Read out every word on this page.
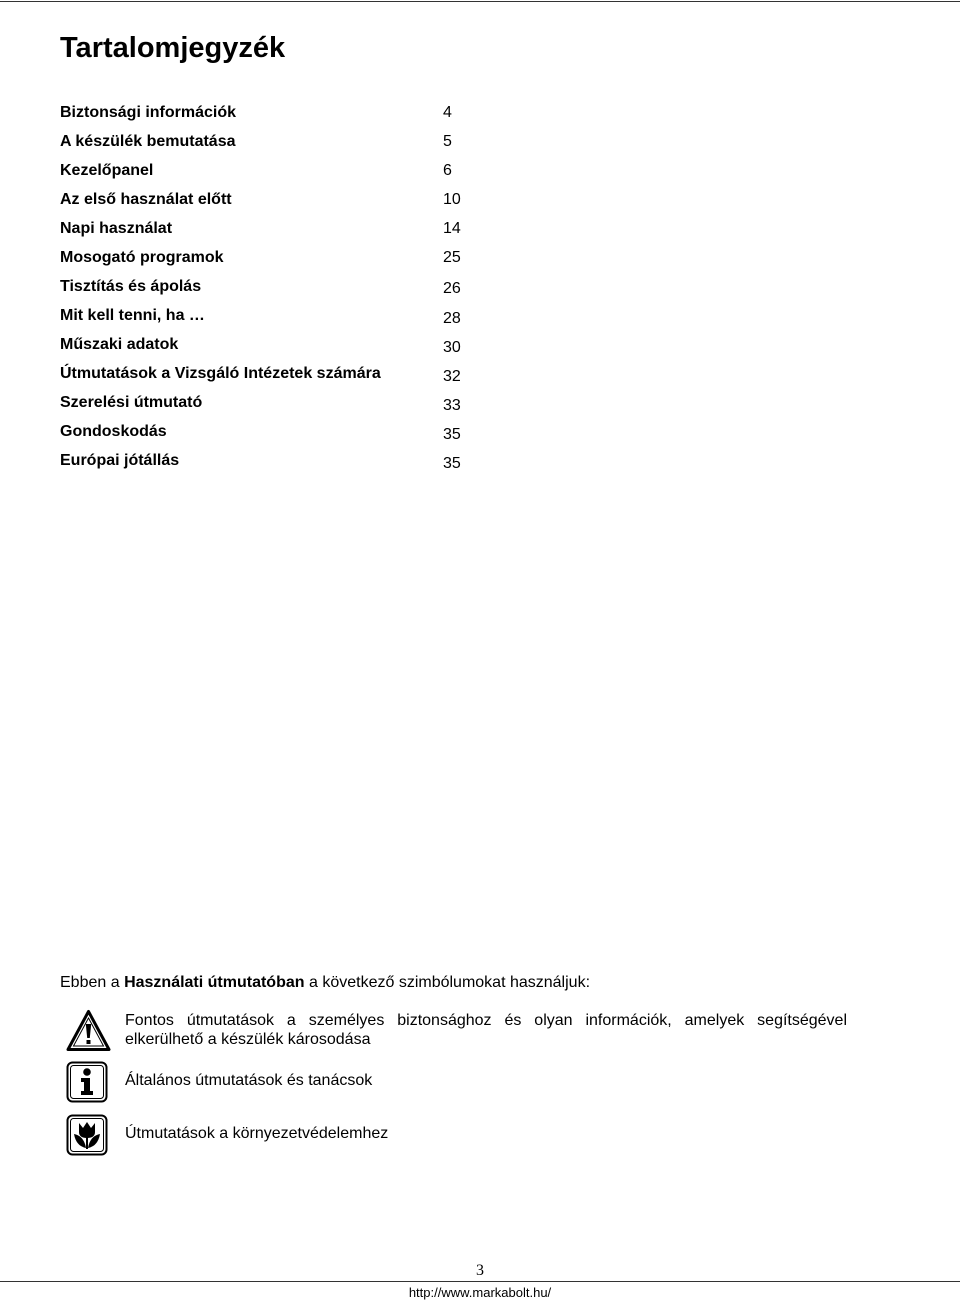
Tartalomjegyzék
Biztonsági információk	4
A készülék bemutatása	5
Kezelőpanel	6
Az első használat előtt	10
Napi használat	14
Mosogató programok	25
Tisztítás és ápolás	26
Mit kell tenni, ha …	28
Műszaki adatok	30
Útmutatások a Vizsgáló Intézetek számára	32
Szerelési útmutató	33
Gondoskodás	35
Európai jótállás	35
Ebben a Használati útmutatóban a következő szimbólumokat használjuk:
Fontos útmutatások a személyes biztonsághoz és olyan információk, amelyek segítségével elkerülhető a készülék károsodása
Általános útmutatások és tanácsok
Útmutatások a környezetvédelemhez
3
http://www.markabolt.hu/
